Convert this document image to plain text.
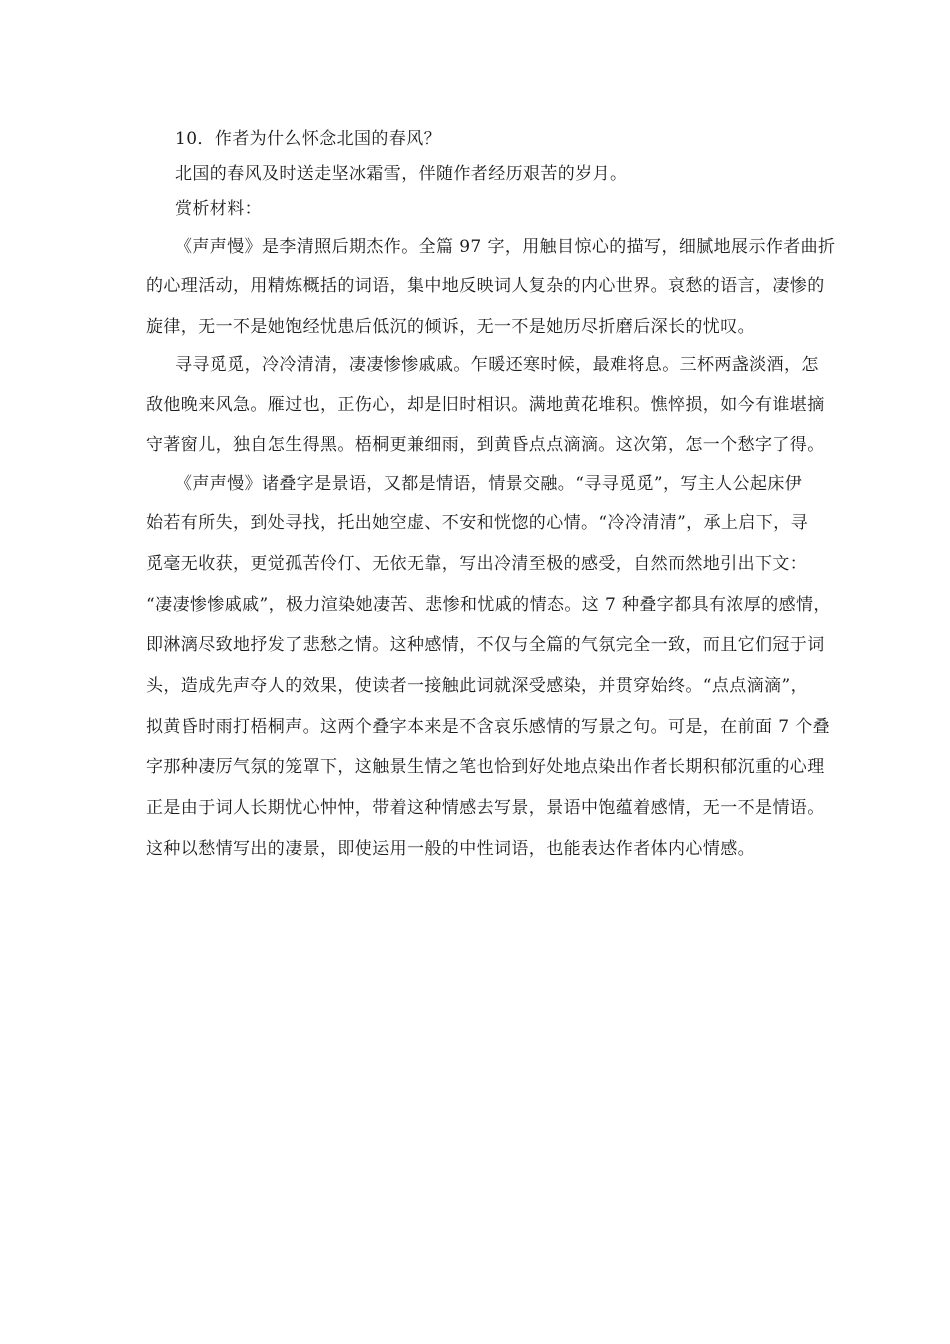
10．作者为什么怀念北国的春风？
北国的春风及时送走坚冰霜雪，伴随作者经历艰苦的岁月。
赏析材料：
《声声慢》是李清照后期杰作。全篇 97 字，用触目惊心的描写，细腻地展示作者曲折
的心理活动，用精炼概括的词语，集中地反映词人复杂的内心世界。哀愁的语言，凄惨的
旋律，无一不是她饱经忧患后低沉的倾诉，无一不是她历尽折磨后深长的忧叹。
寻寻觅觅，冷冷清清，凄凄惨惨戚戚。乍暖还寒时候，最难将息。三杯两盏淡酒，怎
敌他晚来风急。雁过也，正伤心，却是旧时相识。满地黄花堆积。憔悴损，如今有谁堪摘
守著窗儿，独自怎生得黑。梧桐更兼细雨，到黄昏点点滴滴。这次第，怎一个愁字了得。
《声声慢》诸叠字是景语，又都是情语，情景交融。“寻寻觅觅”，写主人公起床伊
始若有所失，到处寻找，托出她空虚、不安和恍惚的心情。“冷冷清清”，承上启下，寻
觅毫无收获，更觉孤苦伶仃、无依无靠，写出冷清至极的感受，自然而然地引出下文：
“凄凄惨惨戚戚”，极力渲染她凄苦、悲惨和忧戚的情态。这 7 种叠字都具有浓厚的感情，
即淋漓尽致地抒发了悲愁之情。这种感情，不仅与全篇的气氛完全一致，而且它们冠于词
头，造成先声夺人的效果，使读者一接触此词就深受感染，并贯穿始终。“点点滴滴”，
拟黄昏时雨打梧桐声。这两个叠字本来是不含哀乐感情的写景之句。可是，在前面 7 个叠
字那种凄厉气氛的笼罩下，这触景生情之笔也恰到好处地点染出作者长期积郁沉重的心理
正是由于词人长期忧心忡忡，带着这种情感去写景，景语中饱蕴着感情，无一不是情语。
这种以愁情写出的凄景，即使运用一般的中性词语，也能表达作者体内心情感。
